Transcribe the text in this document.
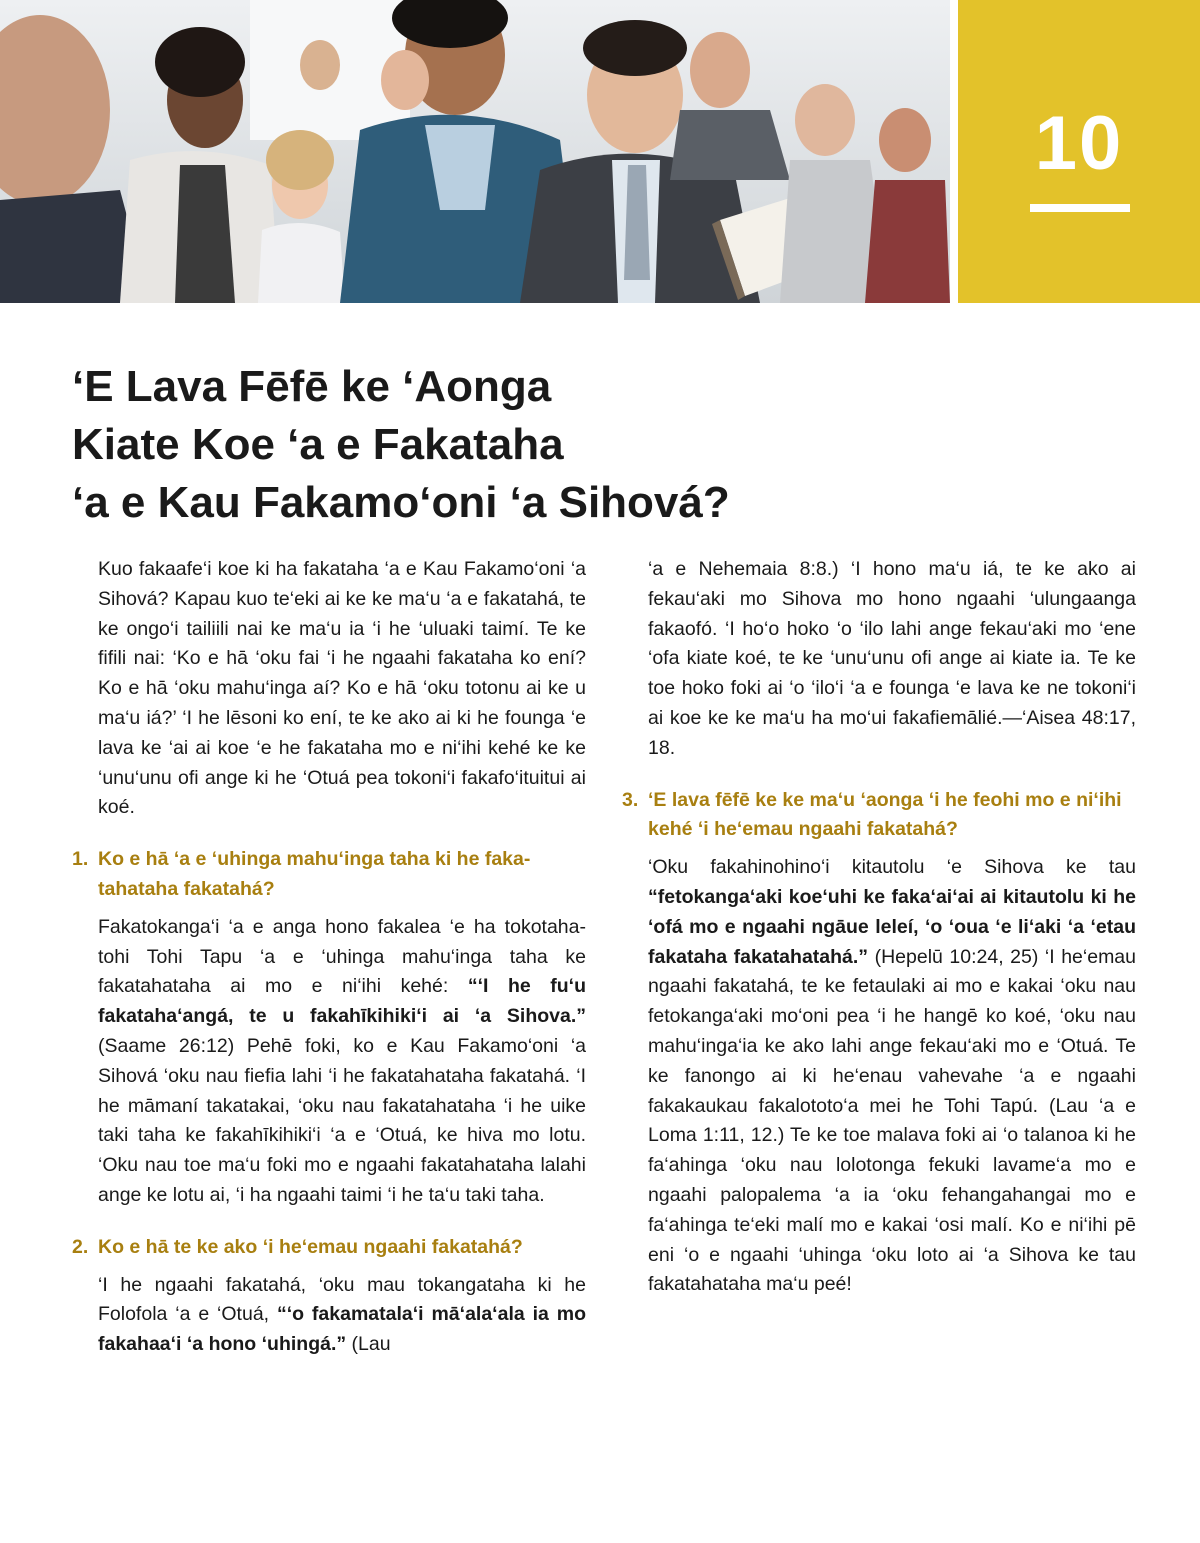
10
‘E Lava Fēfē ke ‘Aonga
Kiate Koe ‘a e Fakataha
‘a e Kau Fakamo‘oni ‘a Sihová?

Kuo fakaafe‘i koe ki ha fakataha ‘a e Kau Fakamo‘oni ‘a Sihová? Kapau kuo te‘eki ai ke ke ma‘u ‘a e fakatahá, te ke ongo‘i tailiili nai ke ma‘u ia ‘i he ‘uluaki taimí. Te ke fifili nai: ‘Ko e hā ‘oku fai ‘i he ngaahi fakataha ko ení? Ko e hā ‘oku mahu‘inga aí? Ko e hā ‘oku totonu ai ke u ma‘u iá?’ ‘I he lēsoni ko ení, te ke ako ai ki he founga ‘e lava ke ‘ai ai koe ‘e he fakataha mo e ni‘ihi kehé ke ke ‘unu‘unu ofi ange ki he ‘Otuá pea tokoni‘i fakafo‘ituitui ai koé.

1. Ko e hā ‘a e ‘uhinga mahu‘inga taha ki he fakatahataha fakatahá?

Fakatokanga‘i ‘a e anga hono fakalea ‘e ha tokotaha-tohi Tohi Tapu ‘a e ‘uhinga mahu‘inga taha ke fakatahataha ai mo e ni‘ihi kehé: “‘I he fu‘u fakataha‘angá, te u fakahīkihiki‘i ai ‘a Sihova.” (Saame 26:12) Pehē foki, ko e Kau Fakamo‘oni ‘a Sihová ‘oku nau fiefia lahi ‘i he fakatahataha fakatahá. ‘I he māmaní takatakai, ‘oku nau fakatahataha ‘i he uike taki taha ke fakahīkihiki‘i ‘a e ‘Otuá, ke hiva mo lotu. ‘Oku nau toe ma‘u foki mo e ngaahi fakatahataha lalahi ange ke lotu ai, ‘i ha ngaahi taimi ‘i he ta‘u taki taha.

2. Ko e hā te ke ako ‘i he‘emau ngaahi fakatahá?

‘I he ngaahi fakatahá, ‘oku mau tokangataha ki he Folofola ‘a e ‘Otuá, “‘o fakamatala‘i mā‘ala‘ala ia mo fakahaa‘i ‘a hono ‘uhingá.” (Lau

‘a e Nehemaia 8:8.) ‘I hono ma‘u iá, te ke ako ai fekau‘aki mo Sihova mo hono ngaahi ‘ulungaanga fakaofó. ‘I ho‘o hoko ‘o ‘ilo lahi ange fekau‘aki mo ‘ene ‘ofa kiate koé, te ke ‘unu‘unu ofi ange ai kiate ia. Te ke toe hoko foki ai ‘o ‘ilo‘i ‘a e founga ‘e lava ke ne tokoni‘i ai koe ke ke ma‘u ha mo‘ui fakafiemālié.—‘Aisea 48:17, 18.

3. ‘E lava fēfē ke ke ma‘u ‘aonga ‘i he feohi mo e ni‘ihi kehé ‘i he‘emau ngaahi fakatahá?

‘Oku fakahinohino‘i kitautolu ‘e Sihova ke tau “fetokanga‘aki koe‘uhi ke faka‘ai‘ai ai kitautolu ki he ‘ofá mo e ngaahi ngāue leleí, ‘o ‘oua ‘e li‘aki ‘a ‘etau fakataha fakatahatahá.” (Hepelū 10:24, 25) ‘I he‘emau ngaahi fakatahá, te ke fetaulaki ai mo e kakai ‘oku nau fetokanga‘aki mo‘oni pea ‘i he hangē ko koé, ‘oku nau mahu‘inga‘ia ke ako lahi ange fekau‘aki mo e ‘Otuá. Te ke fanongo ai ki he‘enau vahevahe ‘a e ngaahi fakakaukau fakalototo‘a mei he Tohi Tapú. (Lau ‘a e Loma 1:11, 12.) Te ke toe malava foki ai ‘o talanoa ki he fa‘ahinga ‘oku nau lolotonga fekuki lavame‘a mo e ngaahi palopalema ‘a ia ‘oku fehangahangai mo e fa‘ahinga te‘eki malí mo e kakai ‘osi malí. Ko e ni‘ihi pē eni ‘o e ngaahi ‘uhinga ‘oku loto ai ‘a Sihova ke tau fakatahataha ma‘u peé!
